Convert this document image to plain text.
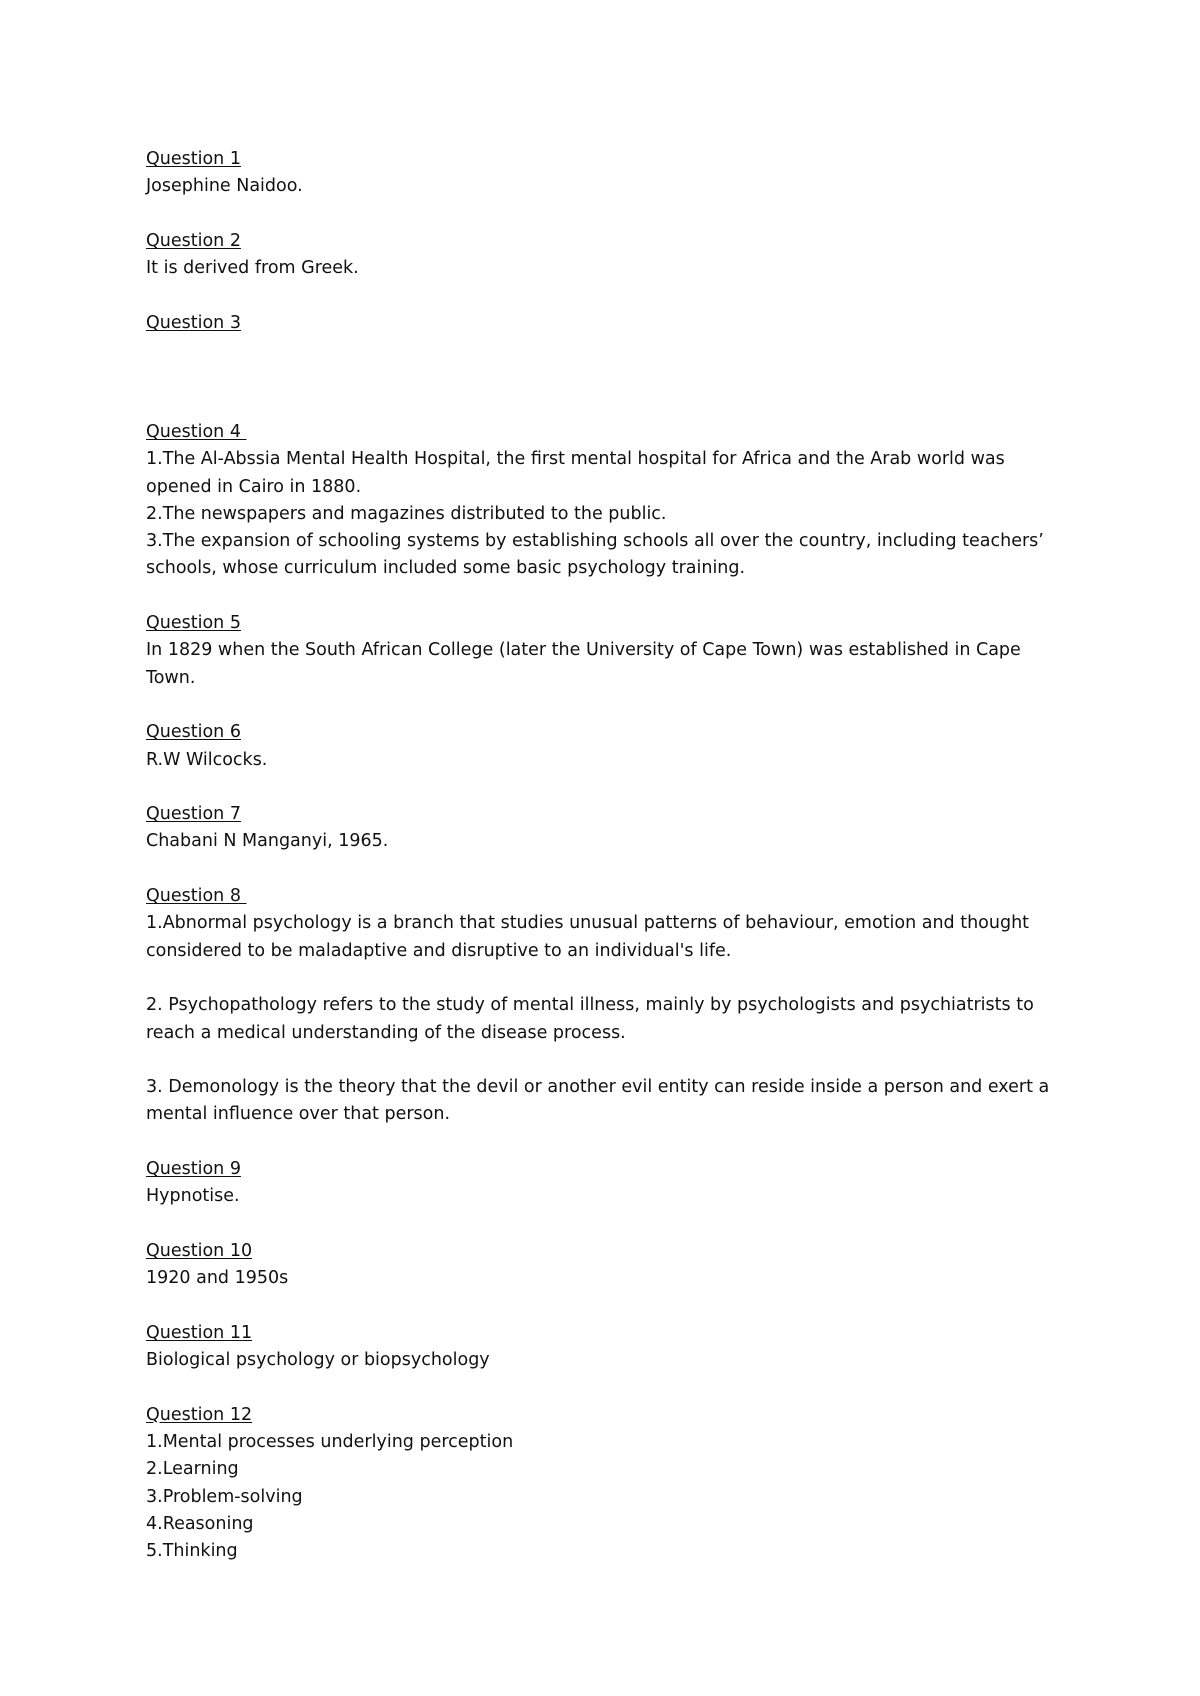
Question 1
Josephine Naidoo.
Question 2
It is derived from Greek.
Question 3
Question 4
1.The Al-Abssia Mental Health Hospital, the first mental hospital for Africa and the Arab world was opened in Cairo in 1880.
2.The newspapers and magazines distributed to the public.
3.The expansion of schooling systems by establishing schools all over the country, including teachers’ schools, whose curriculum included some basic psychology training.
Question 5
In 1829 when the South African College (later the University of Cape Town) was established in Cape Town.
Question 6
R.W Wilcocks.
Question 7
Chabani N Manganyi, 1965.
Question 8
1.Abnormal psychology is a branch that studies unusual patterns of behaviour, emotion and thought considered to be maladaptive and disruptive to an individual's life.
2. Psychopathology refers to the study of mental illness, mainly by psychologists and psychiatrists to reach a medical understanding of the disease process.
3. Demonology is the theory that the devil or another evil entity can reside inside a person and exert a mental influence over that person.
Question 9
Hypnotise.
Question 10
1920 and 1950s
Question 11
Biological psychology or biopsychology
Question 12
1.Mental processes underlying perception
2.Learning
3.Problem-solving
4.Reasoning
5.Thinking
